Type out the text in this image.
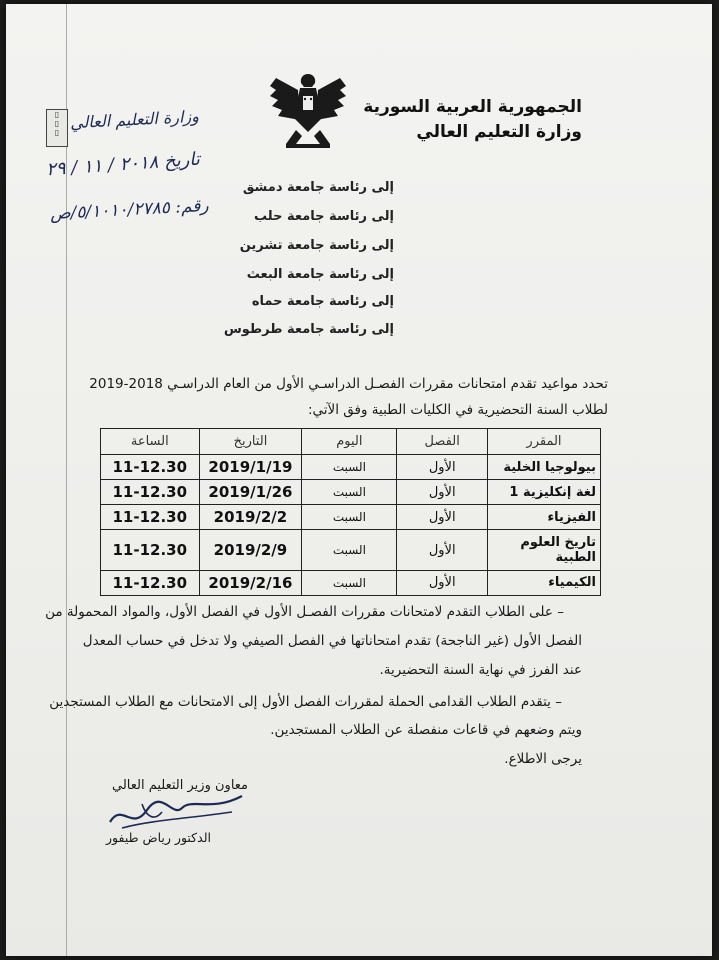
الجمهورية العربية السورية
وزارة التعليم العالي
▯
▯
▯
وزارة التعليم العالي
تاريخ ٢٠١٨ / ١١ / ٢٩
رقم: ٥/١٠١٠/٢٧٨٥/ص
إلى رئاسة جامعة دمشق
إلى رئاسة جامعة حلب
إلى رئاسة جامعة تشرين
إلى رئاسة جامعة البعث
إلى رئاسة جامعة حماه
إلى رئاسة جامعة طرطوس
تحدد مواعيد تقدم امتحانات مقررات الفصـل الدراسـي الأول من العام الدراسـي 2018-2019
لطلاب السنة التحضيرية في الكليات الطبية وفق الآتي:
المقرر	الفصل	اليوم	التاريخ	الساعة
بيولوجيا الخلية	الأول	السبت	2019/1/19	11-12.30
لغة إنكليزية 1	الأول	السبت	2019/1/26	11-12.30
الفيزياء	الأول	السبت	2019/2/2	11-12.30
تاريخ العلوم الطبية	الأول	السبت	2019/2/9	11-12.30
الكيمياء	الأول	السبت	2019/2/16	11-12.30
– على الطلاب التقدم لامتحانات مقررات الفصـل الأول في الفصل الأول، والمواد المحمولة من
الفصل الأول (غير الناجحة) تقدم امتحاناتها في الفصل الصيفي ولا تدخل في حساب المعدل
عند الفرز في نهاية السنة التحضيرية.
– يتقدم الطلاب القدامى الحملة لمقررات الفصل الأول إلى الامتحانات مع الطلاب المستجدين
ويتم وضعهم في قاعات منفصلة عن الطلاب المستجدين.
يرجى الاطلاع.
معاون وزير التعليم العالي
الدكتور رياض طيفور
